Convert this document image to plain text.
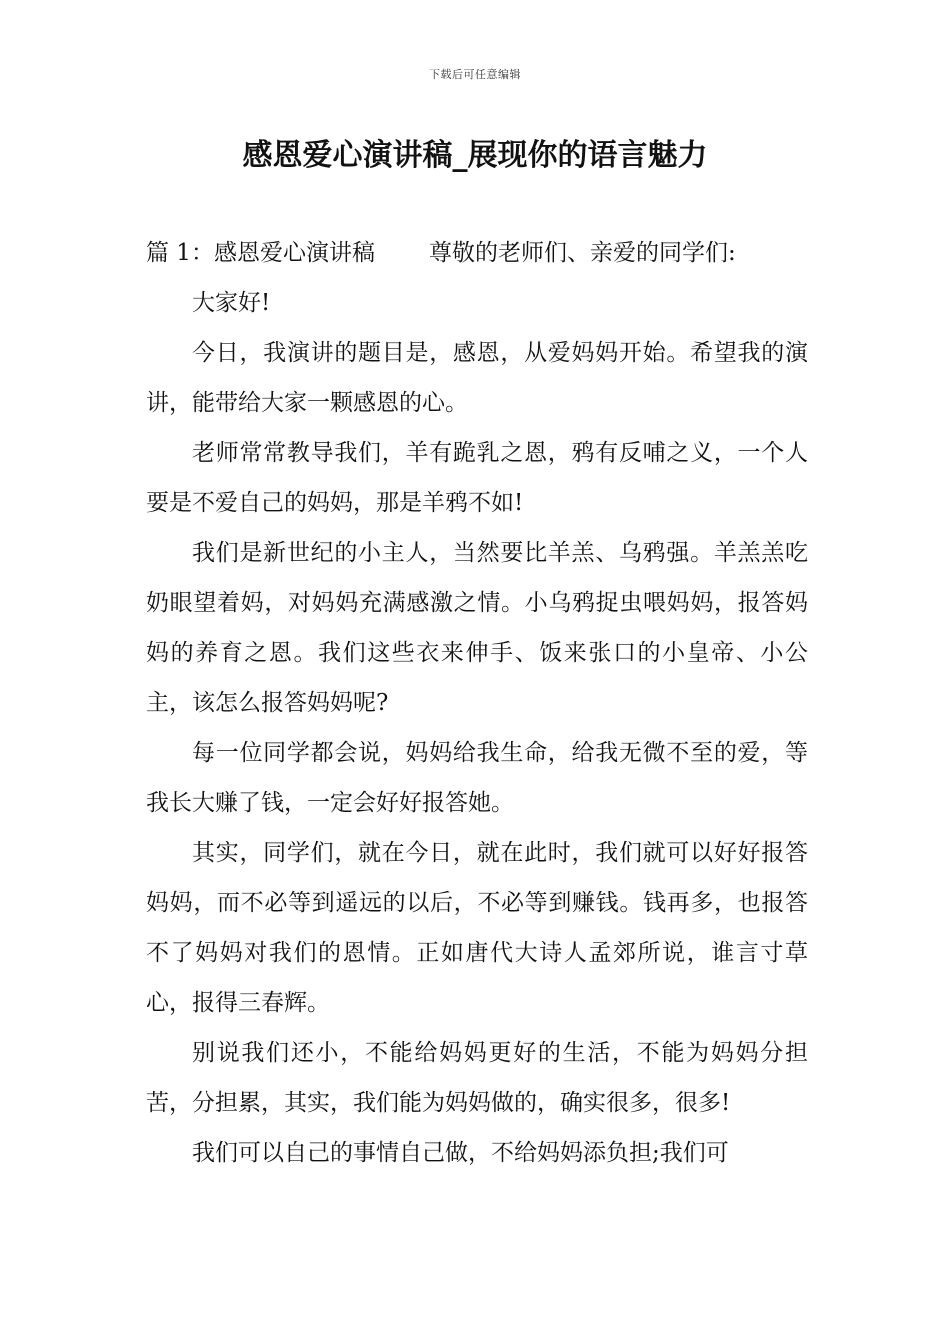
下载后可任意编辑
感恩爱心演讲稿_展现你的语言魅力

篇 1：感恩爱心演讲稿 尊敬的老师们、亲爱的同学们:

大家好!

今日，我演讲的题目是，感恩，从爱妈妈开始。希望我的演讲，能带给大家一颗感恩的心。

老师常常教导我们，羊有跪乳之恩，鸦有反哺之义，一个人要是不爱自己的妈妈，那是羊鸦不如!

我们是新世纪的小主人，当然要比羊羔、乌鸦强。羊羔羔吃奶眼望着妈，对妈妈充满感激之情。小乌鸦捉虫喂妈妈，报答妈妈的养育之恩。我们这些衣来伸手、饭来张口的小皇帝、小公主，该怎么报答妈妈呢?

每一位同学都会说，妈妈给我生命，给我无微不至的爱，等我长大赚了钱，一定会好好报答她。

其实，同学们，就在今日，就在此时，我们就可以好好报答妈妈，而不必等到遥远的以后，不必等到赚钱。钱再多，也报答不了妈妈对我们的恩情。正如唐代大诗人孟郊所说，谁言寸草心，报得三春辉。

别说我们还小，不能给妈妈更好的生活，不能为妈妈分担苦，分担累，其实，我们能为妈妈做的，确实很多，很多!

我们可以自己的事情自己做，不给妈妈添负担;我们可
